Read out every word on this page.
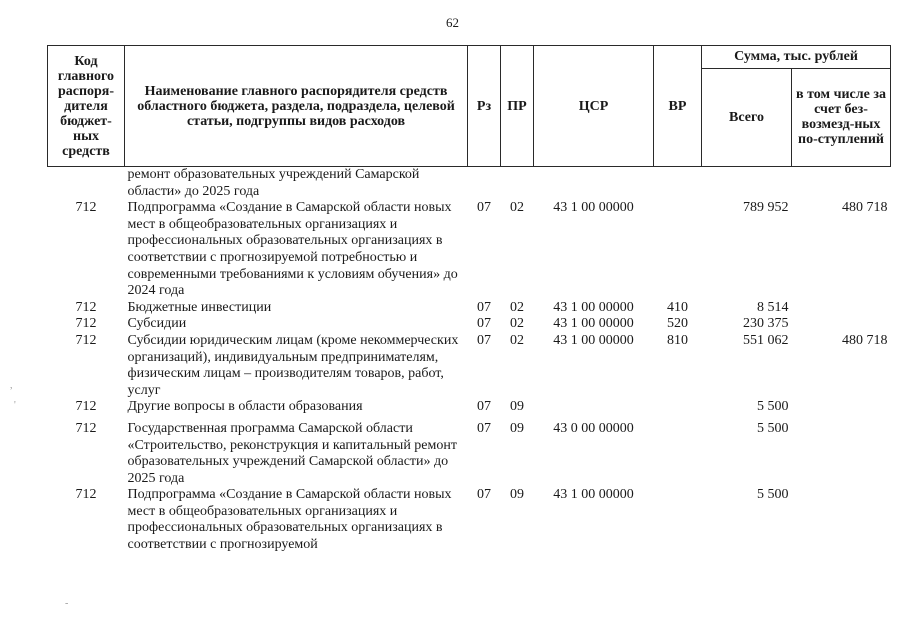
62
,
'
-
Код главного распоря-дителя бюджет-ных средств	Наименование главного распорядителя средств областного бюджета, раздела, подраздела, целевой статьи, подгруппы видов расходов	Рз	ПР	ЦСР	ВР	Сумма, тыс. рублей	
						Всего	в том числе за счет без-возмезд-ных по-ступлений
	ремонт образовательных учреждений Самарской области» до 2025 года						
712	Подпрограмма «Создание в Самарской области новых мест в общеобразовательных организациях и профессиональных образовательных организациях в соответствии с прогнозируемой потребностью и современными требованиями к условиям обучения» до 2024 года	07	02	43 1 00 00000		789 952	480 718
712	Бюджетные инвестиции	07	02	43 1 00 00000	410	8 514	
712	Субсидии	07	02	43 1 00 00000	520	230 375	
712	Субсидии юридическим лицам (кроме некоммерческих организаций), индивидуальным предпринимателям, физическим лицам – производителям товаров, работ, услуг	07	02	43 1 00 00000	810	551 062	480 718
712	Другие вопросы в области образования	07	09			5 500	
712	Государственная программа Самарской области «Строительство, реконструкция и капитальный ремонт образовательных учреждений Самарской области» до 2025 года	07	09	43 0 00 00000		5 500	
712	Подпрограмма «Создание в Самарской области новых мест в общеобразовательных организациях и профессиональных образовательных организациях в соответствии с прогнозируемой	07	09	43 1 00 00000		5 500	
